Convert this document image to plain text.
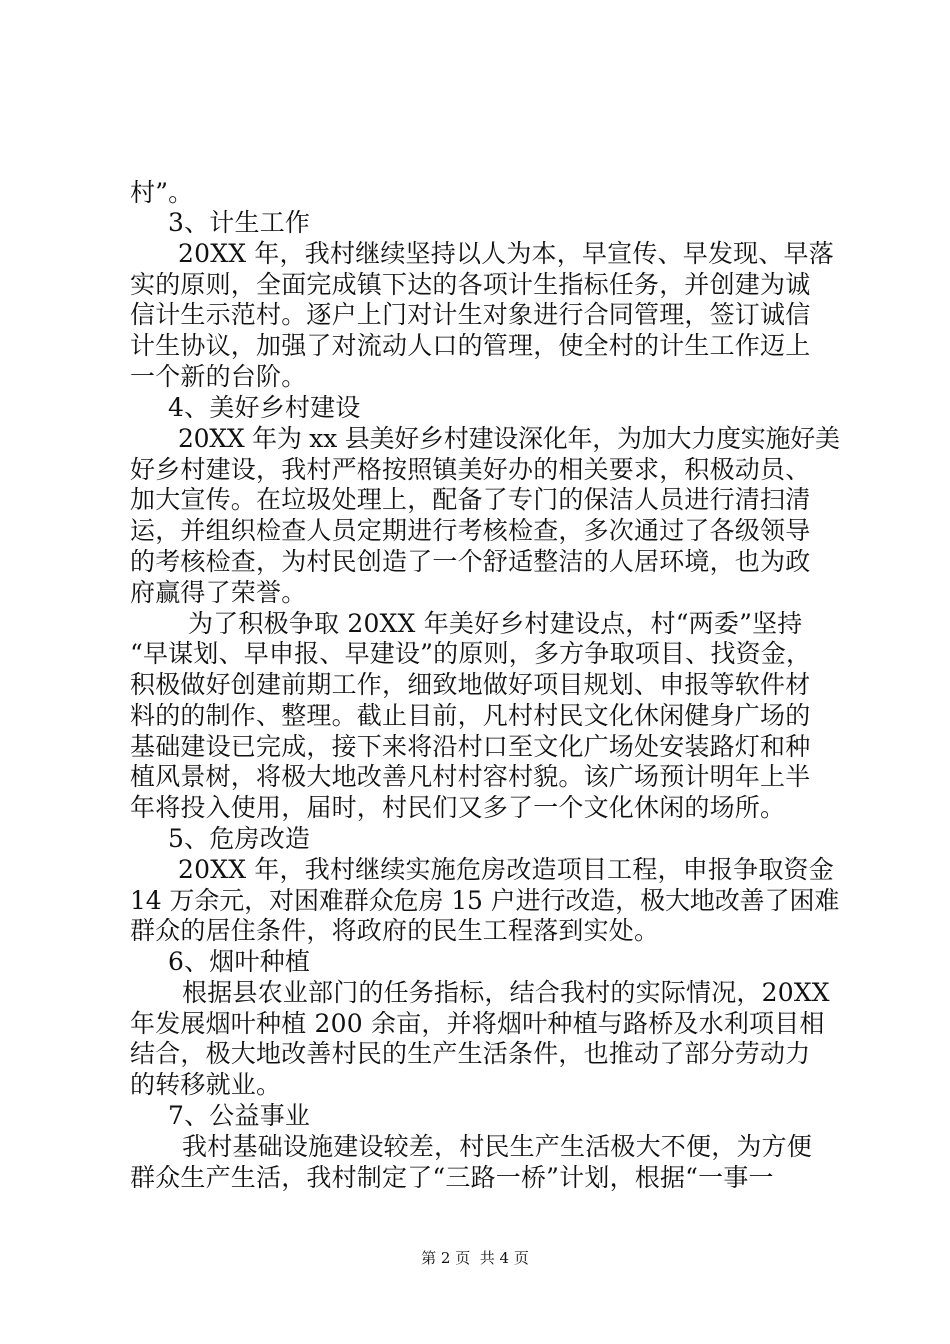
村”。
3、计生工作
20XX 年，我村继续坚持以人为本，早宣传、早发现、早落
实的原则，全面完成镇下达的各项计生指标任务，并创建为诚
信计生示范村。逐户上门对计生对象进行合同管理，签订诚信
计生协议，加强了对流动人口的管理，使全村的计生工作迈上
一个新的台阶。
4、美好乡村建设
20XX 年为 xx 县美好乡村建设深化年，为加大力度实施好美
好乡村建设，我村严格按照镇美好办的相关要求，积极动员、
加大宣传。在垃圾处理上，配备了专门的保洁人员进行清扫清
运，并组织检查人员定期进行考核检查，多次通过了各级领导
的考核检查，为村民创造了一个舒适整洁的人居环境，也为政
府赢得了荣誉。
为了积极争取 20XX 年美好乡村建设点，村“两委”坚持
“早谋划、早申报、早建设”的原则，多方争取项目、找资金，
积极做好创建前期工作，细致地做好项目规划、申报等软件材
料的的制作、整理。截止目前，凡村村民文化休闲健身广场的
基础建设已完成，接下来将沿村口至文化广场处安装路灯和种
植风景树，将极大地改善凡村村容村貌。该广场预计明年上半
年将投入使用，届时，村民们又多了一个文化休闲的场所。
5、危房改造
20XX 年，我村继续实施危房改造项目工程，申报争取资金
14 万余元，对困难群众危房 15 户进行改造，极大地改善了困难
群众的居住条件，将政府的民生工程落到实处。
6、烟叶种植
根据县农业部门的任务指标，结合我村的实际情况，20XX
年发展烟叶种植 200 余亩，并将烟叶种植与路桥及水利项目相
结合，极大地改善村民的生产生活条件，也推动了部分劳动力
的转移就业。
7、公益事业
我村基础设施建设较差，村民生产生活极大不便，为方便
群众生产生活，我村制定了“三路一桥”计划，根据“一事一
第 2 页  共 4 页
